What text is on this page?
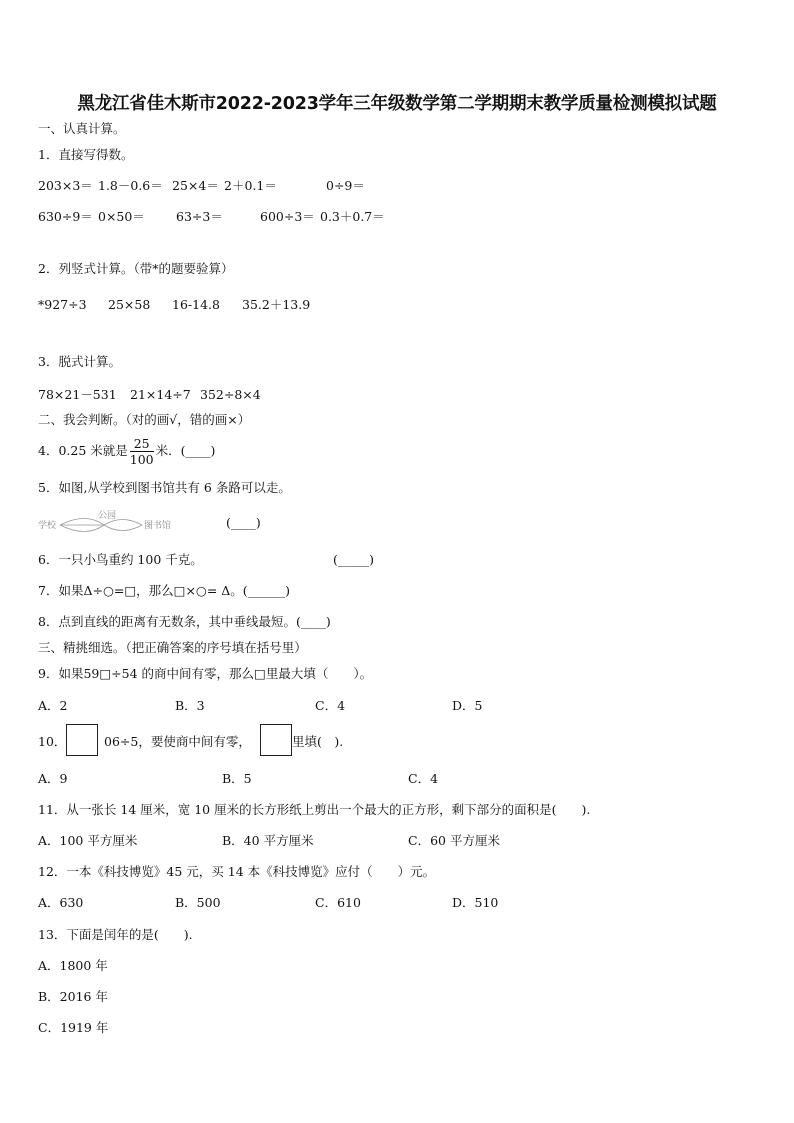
黑龙江省佳木斯市2022-2023学年三年级数学第二学期期末教学质量检测模拟试题
一、认真计算。
1．直接写得数。
203×3＝ 1.8－0.6＝ 25×4＝ 2＋0.1＝	0÷9＝
630÷9＝ 0×50＝ 63÷3＝	600÷3＝ 0.3＋0.7＝
2．列竖式计算。（带*的题要验算）
*927÷3 25×58 16-14.8 35.2＋13.9
3．脱式计算。
78×21－531 21×14÷7 352÷8×4
二、我会判断。（对的画√，错的画×）
4．0.25 米就是 $\frac{25}{100}$ 米．(____)
5．如图,从学校到图书馆共有 6 条路可以走。
学校
公园
图书馆	(____)
6．一只小鸟重约 100 千克。	(_____)
7．如果Δ÷○=□，那么□×○= Δ。(______)
8．点到直线的距离有无数条，其中垂线最短。(____)
三、精挑细选。（把正确答案的序号填在括号里）
9．如果59□÷54 的商中间有零，那么□里最大填（　　）。
A．2	B．3	C．4	D．5
10．	06÷5，要使商中间有零，	里填(　).
A．9	B．5	C．4
11．从一张长 14 厘米，宽 10 厘米的长方形纸上剪出一个最大的正方形，剩下部分的面积是(　　).
A．100 平方厘米	B．40 平方厘米	C．60 平方厘米
12．一本《科技博览》45 元，买 14 本《科技博览》应付（　　）元。
A．630	B．500	C．610	D．510
13．下面是闰年的是(　　).
A．1800 年
B．2016 年
C．1919 年
